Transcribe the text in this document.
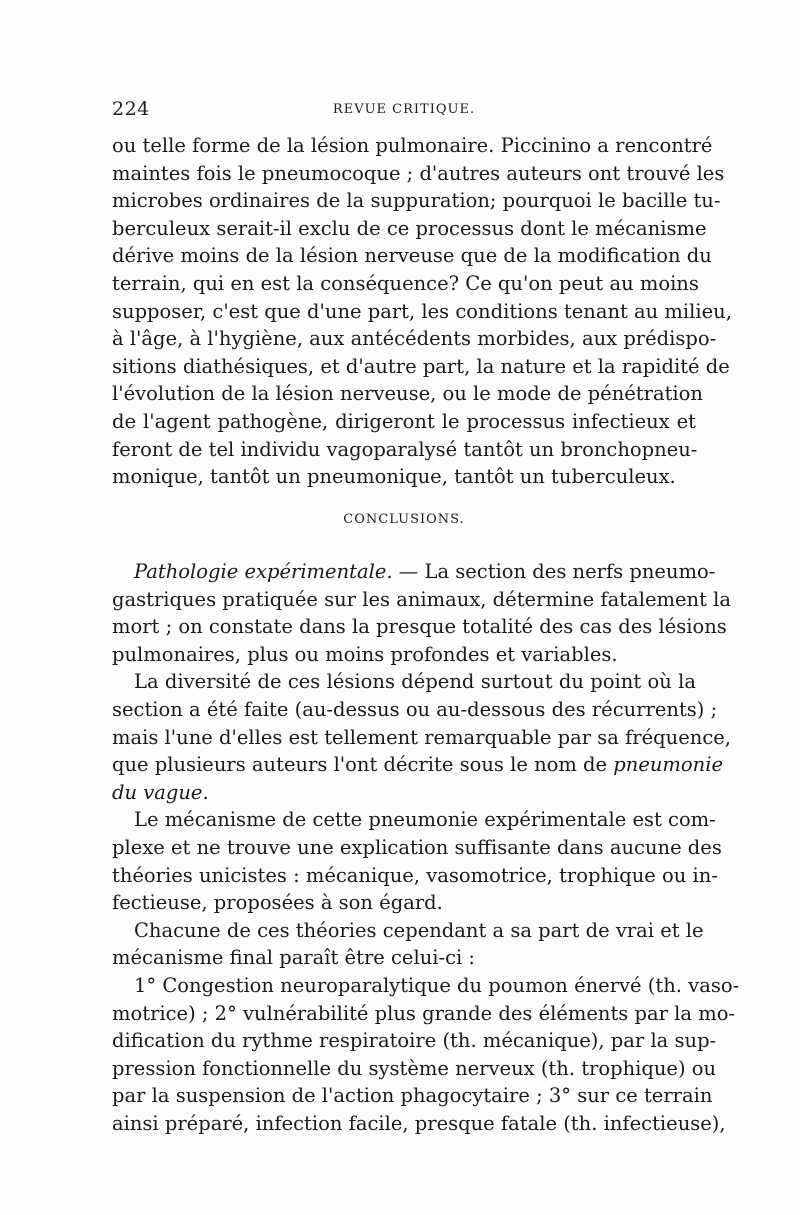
224	REVUE CRITIQUE.
ou telle forme de la lésion pulmonaire. Piccinino a rencontré
maintes fois le pneumocoque ; d'autres auteurs ont trouvé les
microbes ordinaires de la suppuration; pourquoi le bacille tu-
berculeux serait-il exclu de ce processus dont le mécanisme
dérive moins de la lésion nerveuse que de la modification du
terrain, qui en est la conséquence? Ce qu'on peut au moins
supposer, c'est que d'une part, les conditions tenant au milieu,
à l'âge, à l'hygiène, aux antécédents morbides, aux prédispo-
sitions diathésiques, et d'autre part, la nature et la rapidité de
l'évolution de la lésion nerveuse, ou le mode de pénétration
de l'agent pathogène, dirigeront le processus infectieux et
feront de tel individu vagoparalysé tantôt un bronchopneu-
monique, tantôt un pneumonique, tantôt un tuberculeux.
CONCLUSIONS.
Pathologie expérimentale. — La section des nerfs pneumo-
gastriques pratiquée sur les animaux, détermine fatalement la
mort ; on constate dans la presque totalité des cas des lésions
pulmonaires, plus ou moins profondes et variables.
La diversité de ces lésions dépend surtout du point où la
section a été faite (au-dessus ou au-dessous des récurrents) ;
mais l'une d'elles est tellement remarquable par sa fréquence,
que plusieurs auteurs l'ont décrite sous le nom de pneumonie
du vague.
Le mécanisme de cette pneumonie expérimentale est com-
plexe et ne trouve une explication suffisante dans aucune des
théories unicistes : mécanique, vasomotrice, trophique ou in-
fectieuse, proposées à son égard.
Chacune de ces théories cependant a sa part de vrai et le
mécanisme final paraît être celui-ci :
1° Congestion neuroparalytique du poumon énervé (th. vaso-
motrice) ; 2° vulnérabilité plus grande des éléments par la mo-
dification du rythme respiratoire (th. mécanique), par la sup-
pression fonctionnelle du système nerveux (th. trophique) ou
par la suspension de l'action phagocytaire ; 3° sur ce terrain
ainsi préparé, infection facile, presque fatale (th. infectieuse),
